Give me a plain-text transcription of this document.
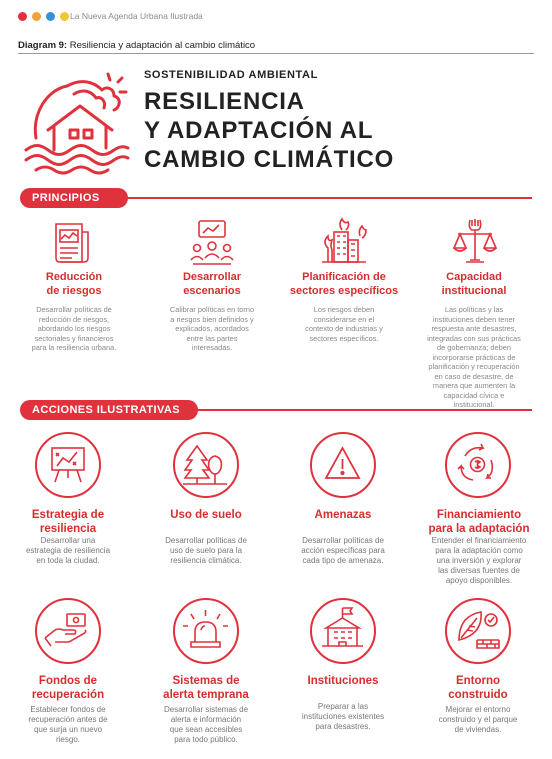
La Nueva Agenda Urbana Ilustrada
Diagram 9: Resiliencia y adaptación al cambio climático
SOSTENIBILIDAD AMBIENTAL
RESILIENCIA
Y ADAPTACIÓN AL
CAMBIO CLIMÁTICO
PRINCIPIOS
Reducción
de riesgos
Desarrollar políticas de
reducción de riesgos,
abordando los riesgos
sectoriales y financieros
para la resiliencia urbana.
Desarrollar
escenarios
Calibrar políticas en torno
a riesgos bien definidos y
explicados, acordados
entre las partes
interesadas.
Planificación de
sectores específicos
Los riesgos deben
considerarse en el
contexto de industrias y
sectores específicos.
Capacidad
institucional
Las políticas y las
instituciones deben tener
respuesta ante desastres,
integradas con sus prácticas
de gobernanza; deben
incorporarse prácticas de
planificación y recuperación
en caso de desastre, de
manera que aumenten la
capacidad cívica e
institucional.
ACCIONES ILUSTRATIVAS
Estrategia de
resiliencia
Desarrollar una
estrategia de resiliencia
en toda la ciudad.
Uso de suelo
Desarrollar políticas de
uso de suelo para la
resiliencia climática.
Amenazas
Desarrollar políticas de
acción específicas para
cada tipo de amenaza.
Financiamiento
para la adaptación
Entender el financiamiento
para la adaptación como
una inversión y explorar
las diversas fuentes de
apoyo disponibles.
Fondos de
recuperación
Establecer fondos de
recuperación antes de
que surja un nuevo
riesgo.
Sistemas de
alerta temprana
Desarrollar sistemas de
alerta e información
que sean accesibles
para todo público.
Instituciones
Preparar a las
instituciones existentes
para desastres.
Entorno
construido
Mejorar el entorno
construido y el parque
de viviendas.
